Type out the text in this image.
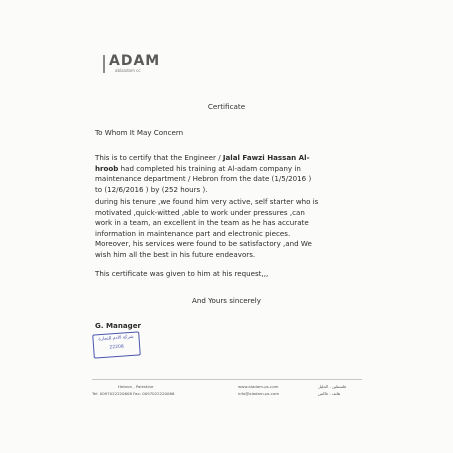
ADAM
ablaadam cc
Certificate
To Whom It May Concern
This is to certify that the Engineer / Jalal Fawzi Hassan Al-
hroob had completed his training at Al-adam company in
maintenance department / Hebron from the date (1/5/2016 )
to (12/6/2016 ) by (252 hours ).
during his tenure ,we found him very active, self starter who is
motivated ,quick-witted ,able to work under pressures ,can
work in a team, an excellent in the team as he has accurate
information in maintenance part and electronic pieces.
Moreover, his services were found to be satisfactory ,and We
wish him all the best in his future endeavors.
This certificate was given to him at his request,,,
And Yours sincerely
G. Manager
شركة الادم للتجارة
22208
Hebron , Palestine
Tel: 0097022220608 Fax: 0097022220066
www.aladam-ps.com
info@aladam-ps.com
فلسطين - الخليل
هاتف - فاكس
